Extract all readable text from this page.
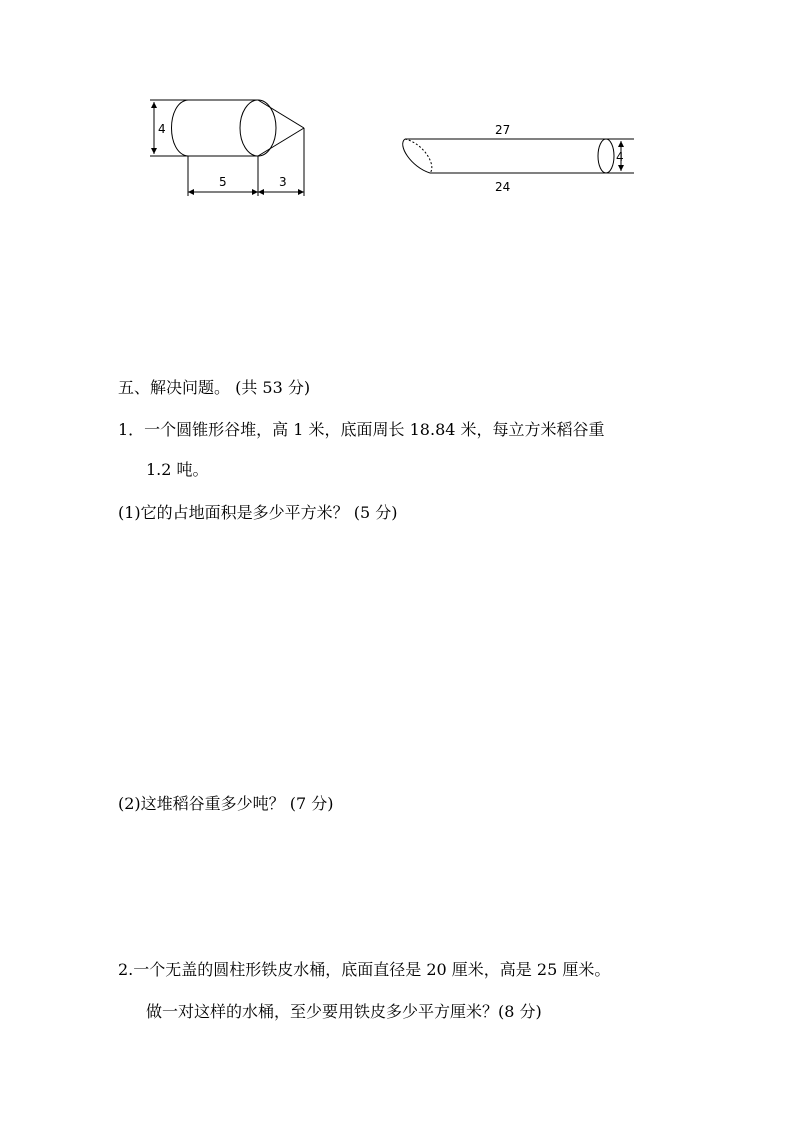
4
5	3
27
24
4
五、解决问题。 (共 53 分)
1．一个圆锥形谷堆，高 1 米，底面周长 18.84 米，每立方米稻谷重
1.2 吨。
(1)它的占地面积是多少平方米？ (5 分)
(2)这堆稻谷重多少吨？ (7 分)
2.一个无盖的圆柱形铁皮水桶，底面直径是 20 厘米，高是 25 厘米。
做一对这样的水桶，至少要用铁皮多少平方厘米？(8 分)
